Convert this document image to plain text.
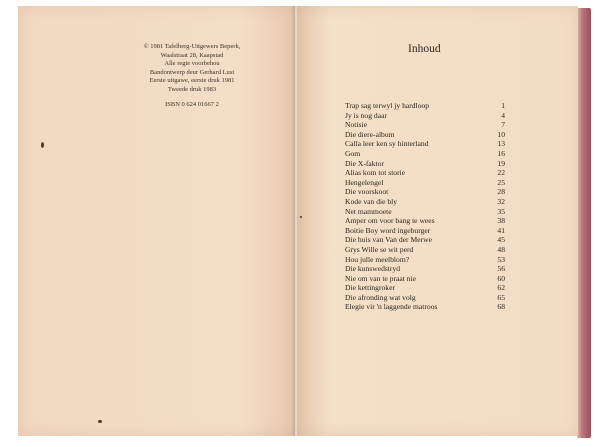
© 1981 Tafelberg-Uitgewers Beperk,
Waalstraat 28, Kaapstad
Alle regte voorbehou
Bandontwerp deur Gerhard Lust
Eerste uitgawe, eerste druk 1981
Tweede druk 1983
ISBN 0 624 01667 2
Inhoud
Trap sag terwyl jy hardloop	1
Jy is nog daar	4
Notisie	7
Die diere-album	10
Calla leer ken sy hinterland	13
Gom	16
Die X-faktor	19
Alias kom tot storie	22
Hengelengel	25
Die voorskoot	28
Kode van die bly	32
Net mammoete	35
Amper om voor bang te wees	38
Boitie Boy word ingeburger	41
Die huis van Van der Merwe	45
Grys Wille se wit perd	48
Hou julle meelblom?	53
Die kunswedstryd	56
Nie om van te praat nie	60
Die kettingroker	62
Die afronding wat volg	65
Elegie vir 'n laggende matroos	68
